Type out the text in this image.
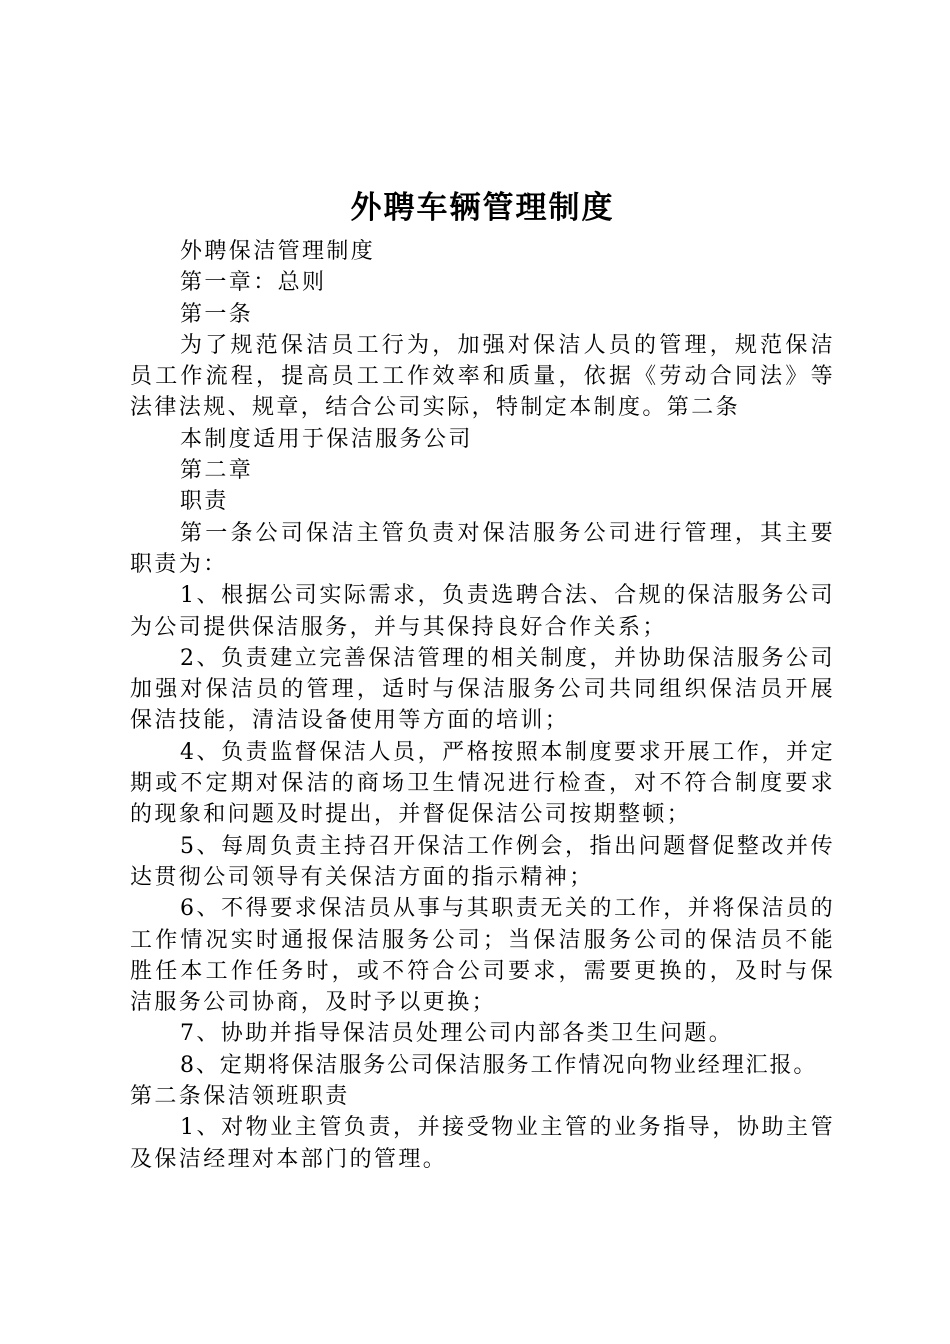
外聘车辆管理制度

外聘保洁管理制度

第一章：总则

第一条

为了规范保洁员工行为，加强对保洁人员的管理，规范保洁员工作流程，提高员工工作效率和质量，依据《劳动合同法》等法律法规、规章，结合公司实际，特制定本制度。第二条

本制度适用于保洁服务公司

第二章

职责

第一条公司保洁主管负责对保洁服务公司进行管理，其主要职责为：

1、根据公司实际需求，负责选聘合法、合规的保洁服务公司为公司提供保洁服务，并与其保持良好合作关系；

2、负责建立完善保洁管理的相关制度，并协助保洁服务公司加强对保洁员的管理，适时与保洁服务公司共同组织保洁员开展保洁技能，清洁设备使用等方面的培训；

4、负责监督保洁人员，严格按照本制度要求开展工作，并定期或不定期对保洁的商场卫生情况进行检查，对不符合制度要求的现象和问题及时提出，并督促保洁公司按期整顿；

5、每周负责主持召开保洁工作例会，指出问题督促整改并传达贯彻公司领导有关保洁方面的指示精神；

6、不得要求保洁员从事与其职责无关的工作，并将保洁员的工作情况实时通报保洁服务公司；当保洁服务公司的保洁员不能胜任本工作任务时，或不符合公司要求，需要更换的，及时与保洁服务公司协商，及时予以更换；

7、协助并指导保洁员处理公司内部各类卫生问题。

8、定期将保洁服务公司保洁服务工作情况向物业经理汇报。

第二条保洁领班职责

1、对物业主管负责，并接受物业主管的业务指导，协助主管及保洁经理对本部门的管理。
